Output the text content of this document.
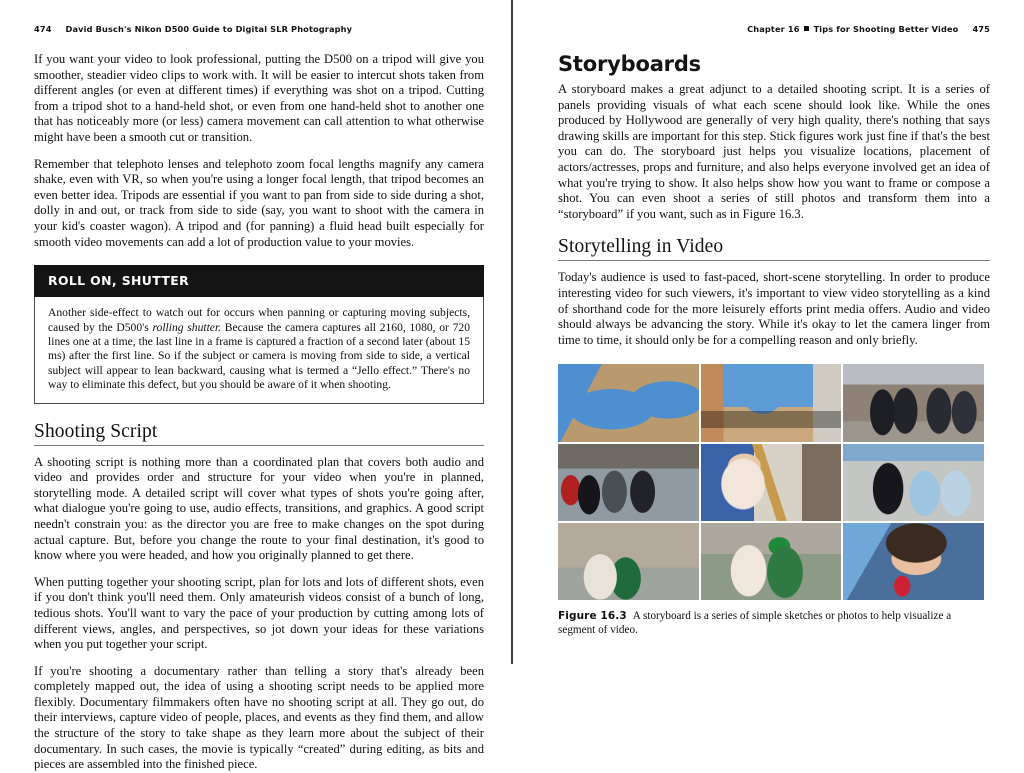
474 David Busch's Nikon D500 Guide to Digital SLR Photography

If you want your video to look professional, putting the D500 on a tripod will give you smoother, steadier video clips to work with. It will be easier to intercut shots taken from different angles (or even at different times) if everything was shot on a tripod. Cutting from a tripod shot to a hand-held shot, or even from one hand-held shot to another one that has noticeably more (or less) camera movement can call attention to what otherwise might have been a smooth cut or transition.

Remember that telephoto lenses and telephoto zoom focal lengths magnify any camera shake, even with VR, so when you're using a longer focal length, that tripod becomes an even better idea. Tripods are essential if you want to pan from side to side during a shot, dolly in and out, or track from side to side (say, you want to shoot with the camera in your kid's coaster wagon). A tripod and (for panning) a fluid head built especially for smooth video movements can add a lot of production value to your movies.

ROLL ON, SHUTTER

Another side-effect to watch out for occurs when panning or capturing moving subjects, caused by the D500's rolling shutter. Because the camera captures all 2160, 1080, or 720 lines one at a time, the last line in a frame is captured a fraction of a second later (about 15 ms) after the first line. So if the subject or camera is moving from side to side, a vertical subject will appear to lean backward, causing what is termed a “Jello effect.” There's no way to eliminate this defect, but you should be aware of it when shooting.

Shooting Script

A shooting script is nothing more than a coordinated plan that covers both audio and video and provides order and structure for your video when you're in planned, storytelling mode. A detailed script will cover what types of shots you're going after, what dialogue you're going to use, audio effects, transitions, and graphics. A good script needn't constrain you: as the director you are free to make changes on the spot during actual capture. But, before you change the route to your final destination, it's good to know where you were headed, and how you originally planned to get there.

When putting together your shooting script, plan for lots and lots of different shots, even if you don't think you'll need them. Only amateurish videos consist of a bunch of long, tedious shots. You'll want to vary the pace of your production by cutting among lots of different views, angles, and perspectives, so jot down your ideas for these variations when you put together your script.

If you're shooting a documentary rather than telling a story that's already been completely mapped out, the idea of using a shooting script needs to be applied more flexibly. Documentary filmmakers often have no shooting script at all. They go out, do their interviews, capture video of people, places, and events as they find them, and allow the structure of the story to take shape as they learn more about the subject of their documentary. In such cases, the movie is typically “created” during editing, as bits and pieces are assembled into the finished piece.

Chapter 16 Tips for Shooting Better Video 475
Storyboards

A storyboard makes a great adjunct to a detailed shooting script. It is a series of panels providing visuals of what each scene should look like. While the ones produced by Hollywood are generally of very high quality, there's nothing that says drawing skills are important for this step. Stick figures work just fine if that's the best you can do. The storyboard just helps you visualize locations, placement of actors/actresses, props and furniture, and also helps everyone involved get an idea of what you're trying to show. It also helps show how you want to frame or compose a shot. You can even shoot a series of still photos and transform them into a “storyboard” if you want, such as in Figure 16.3.

Storytelling in Video

Today's audience is used to fast-paced, short-scene storytelling. In order to produce interesting video for such viewers, it's important to view video storytelling as a kind of shorthand code for the more leisurely efforts print media offers. Audio and video should always be advancing the story. While it's okay to let the camera linger from time to time, it should only be for a compelling reason and only briefly.

Figure 16.3 A storyboard is a series of simple sketches or photos to help visualize a segment of video.
